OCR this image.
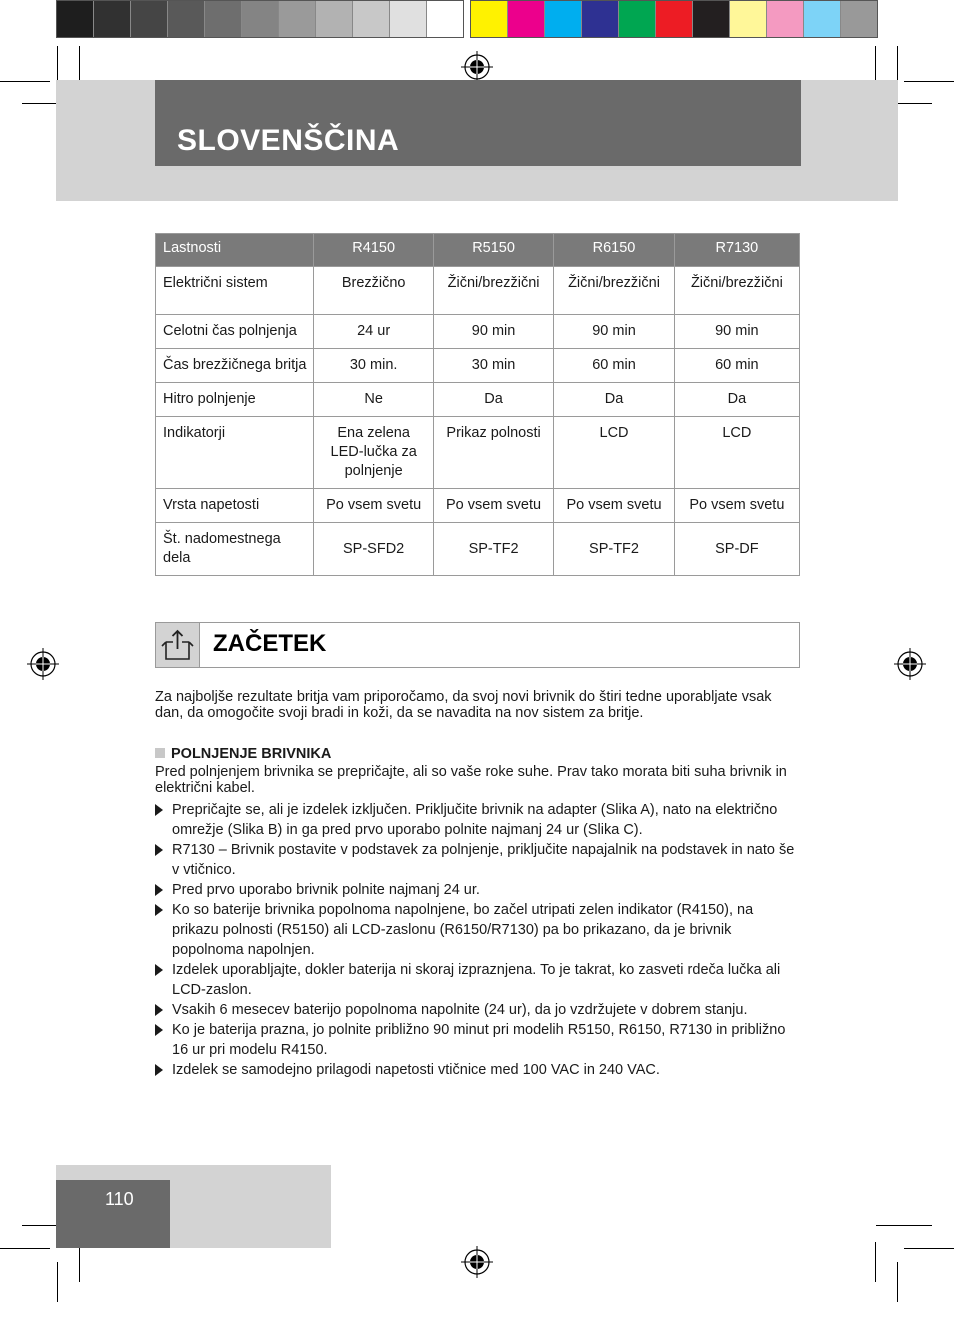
SLOVENŠČINA
Lastnosti	R4150	R5150	R6150	R7130
Električni sistem	Brezžično	Žični/brezžični	Žični/brezžični	Žični/brezžični
Celotni čas polnjenja	24 ur	90 min	90 min	90 min
Čas brezžičnega britja	30 min.	30 min	60 min	60 min
Hitro polnjenje	Ne	Da	Da	Da
Indikatorji	Ena zelena LED-lučka za polnjenje	Prikaz polnosti	LCD	LCD
Vrsta napetosti	Po vsem svetu	Po vsem svetu	Po vsem svetu	Po vsem svetu
Št. nadomestnega dela	SP-SFD2	SP-TF2	SP-TF2	SP-DF
ZAČETEK
Za najboljše rezultate britja vam priporočamo, da svoj novi brivnik do štiri tedne uporabljate vsak dan, da omogočite svoji bradi in koži, da se navadita na nov sistem za britje.
POLNJENJE BRIVNIKA
Pred polnjenjem brivnika se prepričajte, ali so vaše roke suhe. Prav tako morata biti suha brivnik in električni kabel.
Prepričajte se, ali je izdelek izključen. Priključite brivnik na adapter (Slika A), nato na električno omrežje (Slika B) in ga pred prvo uporabo polnite najmanj 24 ur (Slika C).
R7130 – Brivnik postavite v podstavek za polnjenje, priključite napajalnik na podstavek in nato še v vtičnico.
Pred prvo uporabo brivnik polnite najmanj 24 ur.
Ko so baterije brivnika popolnoma napolnjene, bo začel utripati zelen indikator (R4150), na prikazu polnosti (R5150) ali LCD-zaslonu (R6150/R7130) pa bo prikazano, da je brivnik popolnoma napolnjen.
Izdelek uporabljajte, dokler baterija ni skoraj izpraznjena. To je takrat, ko zasveti rdeča lučka ali LCD-zaslon.
Vsakih 6 mesecev baterijo popolnoma napolnite (24 ur), da jo vzdržujete v dobrem stanju.
Ko je baterija prazna, jo polnite približno 90 minut pri modelih R5150, R6150, R7130 in približno 16 ur pri modelu R4150.
Izdelek se samodejno prilagodi napetosti vtičnice med 100 VAC in 240 VAC.
110
